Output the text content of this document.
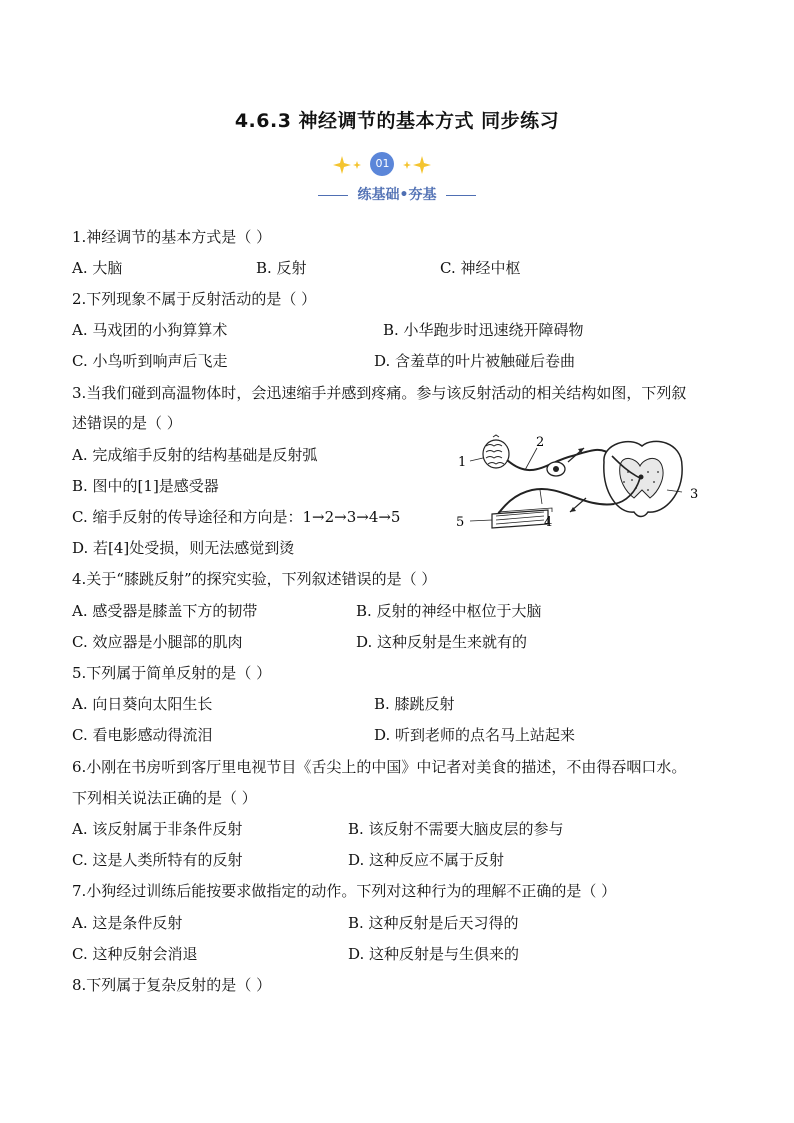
4.6.3 神经调节的基本方式 同步练习
01
练基础•夯基
1.神经调节的基本方式是（ ）
A. 大脑	B. 反射	C. 神经中枢
2.下列现象不属于反射活动的是（ ）
A. 马戏团的小狗算算术	B. 小华跑步时迅速绕开障碍物
C. 小鸟听到响声后飞走	D. 含羞草的叶片被触碰后卷曲
3.当我们碰到高温物体时，会迅速缩手并感到疼痛。参与该反射活动的相关结构如图，下列叙
述错误的是（ ）
A. 完成缩手反射的结构基础是反射弧
B. 图中的[1]是感受器
C. 缩手反射的传导途径和方向是：1→2→3→4→5
D. 若[4]处受损，则无法感觉到烫
1
2
3
4
5
4.关于“膝跳反射”的探究实验，下列叙述错误的是（ ）
A. 感受器是膝盖下方的韧带	B. 反射的神经中枢位于大脑
C. 效应器是小腿部的肌肉	D. 这种反射是生来就有的
5.下列属于简单反射的是（ ）
A. 向日葵向太阳生长	B. 膝跳反射
C. 看电影感动得流泪	D. 听到老师的点名马上站起来
6.小刚在书房听到客厅里电视节目《舌尖上的中国》中记者对美食的描述，不由得吞咽口水。
下列相关说法正确的是（ ）
A. 该反射属于非条件反射	B. 该反射不需要大脑皮层的参与
C. 这是人类所特有的反射	D. 这种反应不属于反射
7.小狗经过训练后能按要求做指定的动作。下列对这种行为的理解不正确的是（ ）
A. 这是条件反射	B. 这种反射是后天习得的
C. 这种反射会消退	D. 这种反射是与生俱来的
8.下列属于复杂反射的是（ ）
